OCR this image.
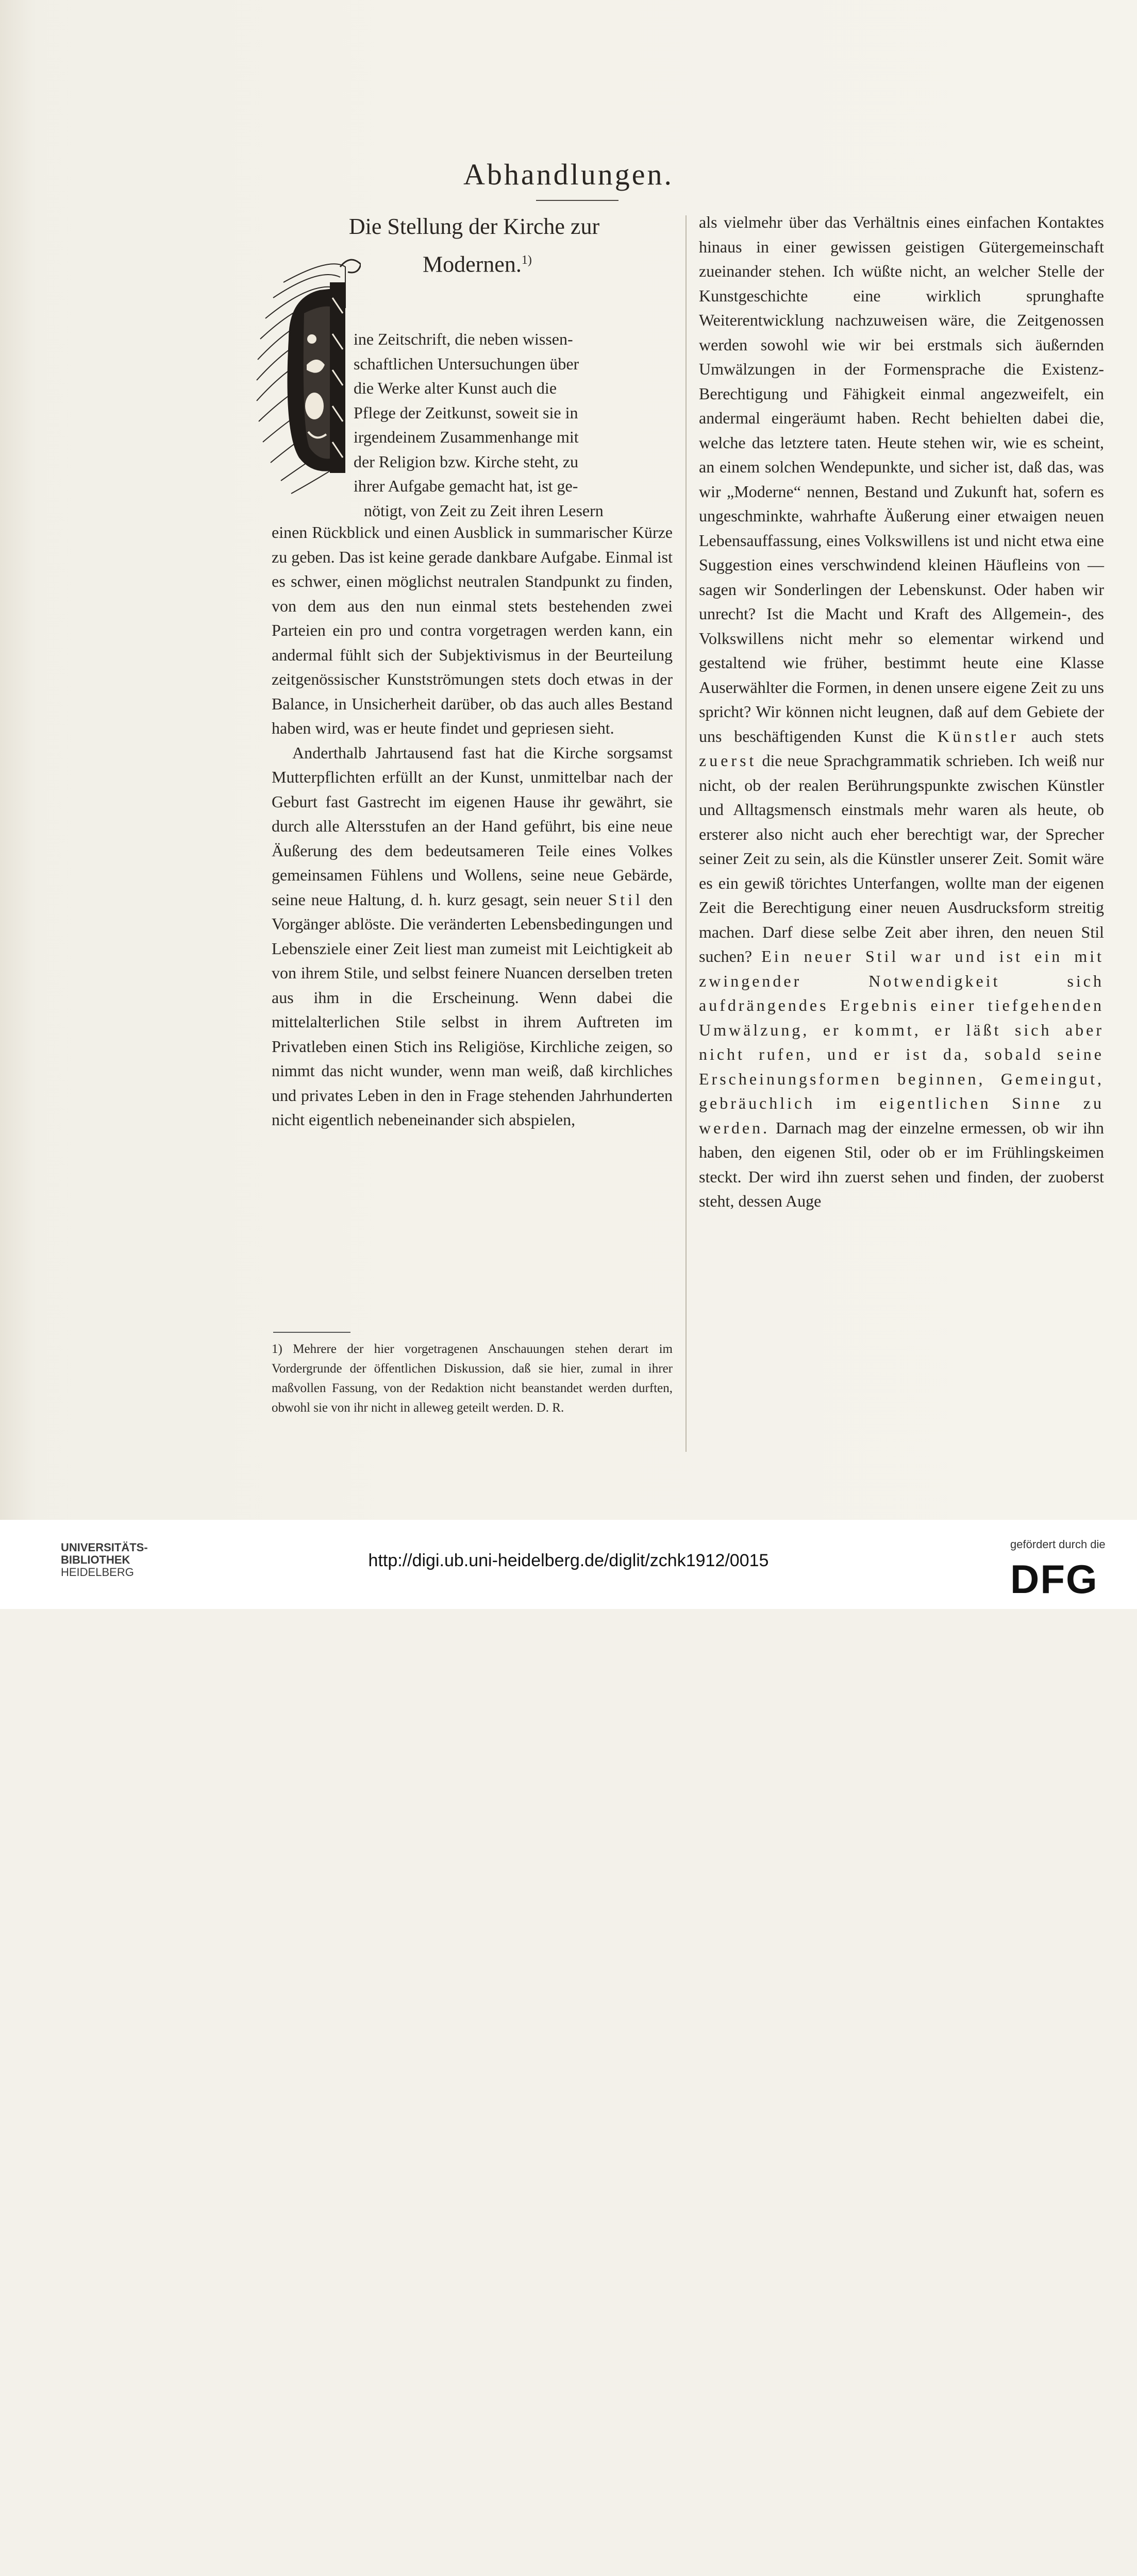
Abhandlungen.
Die Stellung der Kirche zur
Modernen.$^{1)}$

ine Zeitschrift, die neben wissen-

schaftlichen Untersuchungen über

die Werke alter Kunst auch die

Pflege der Zeitkunst, soweit sie in

irgendeinem Zusammenhange mit

der Religion bzw. Kirche steht, zu

ihrer Aufgabe gemacht hat, ist ge-

nötigt, von Zeit zu Zeit ihren Lesern

einen Rückblick und einen Ausblick in summarischer Kürze zu geben. Das ist keine gerade dankbare Aufgabe. Einmal ist es schwer, einen möglichst neutralen Standpunkt zu finden, von dem aus den nun einmal stets bestehenden zwei Parteien ein pro und contra vorgetragen werden kann, ein andermal fühlt sich der Subjektivismus in der Beurteilung zeitgenössischer Kunstströmungen stets doch etwas in der Balance, in Unsicherheit darüber, ob das auch alles Bestand haben wird, was er heute findet und gepriesen sieht.

Anderthalb Jahrtausend fast hat die Kirche sorgsamst Mutterpflichten erfüllt an der Kunst, unmittelbar nach der Geburt fast Gastrecht im eigenen Hause ihr gewährt, sie durch alle Altersstufen an der Hand geführt, bis eine neue Äußerung des dem bedeutsameren Teile eines Volkes gemeinsamen Fühlens und Wollens, seine neue Gebärde, seine neue Haltung, d. h. kurz gesagt, sein neuer Stil den Vorgänger ablöste. Die veränderten Lebensbedingungen und Lebensziele einer Zeit liest man zumeist mit Leichtigkeit ab von ihrem Stile, und selbst feinere Nuancen derselben treten aus ihm in die Erscheinung. Wenn dabei die mittelalterlichen Stile selbst in ihrem Auftreten im Privatleben einen Stich ins Religiöse, Kirchliche zeigen, so nimmt das nicht wunder, wenn man weiß, daß kirchliches und privates Leben in den in Frage stehenden Jahrhunderten nicht eigentlich nebeneinander sich abspielen,

als vielmehr über das Verhältnis eines einfachen Kontaktes hinaus in einer gewissen geistigen Gütergemeinschaft zueinander stehen. Ich wüßte nicht, an welcher Stelle der Kunstgeschichte eine wirklich sprunghafte Weiterentwicklung nachzuweisen wäre, die Zeitgenossen werden sowohl wie wir bei erstmals sich äußernden Umwälzungen in der Formensprache die Existenz-Berechtigung und Fähigkeit einmal angezweifelt, ein andermal eingeräumt haben. Recht behielten dabei die, welche das letztere taten. Heute stehen wir, wie es scheint, an einem solchen Wendepunkte, und sicher ist, daß das, was wir „Moderne“ nennen, Bestand und Zukunft hat, sofern es ungeschminkte, wahrhafte Äußerung einer etwaigen neuen Lebensauffassung, eines Volkswillens ist und nicht etwa eine Suggestion eines verschwindend kleinen Häufleins von — sagen wir Sonderlingen der Lebenskunst. Oder haben wir unrecht? Ist die Macht und Kraft des Allgemein-, des Volkswillens nicht mehr so elementar wirkend und gestaltend wie früher, bestimmt heute eine Klasse Auserwählter die Formen, in denen unsere eigene Zeit zu uns spricht? Wir können nicht leugnen, daß auf dem Gebiete der uns beschäftigenden Kunst die Künstler auch stets zuerst die neue Sprachgrammatik schrieben. Ich weiß nur nicht, ob der realen Berührungspunkte zwischen Künstler und Alltagsmensch einstmals mehr waren als heute, ob ersterer also nicht auch eher berechtigt war, der Sprecher seiner Zeit zu sein, als die Künstler unserer Zeit. Somit wäre es ein gewiß törichtes Unterfangen, wollte man der eigenen Zeit die Berechtigung einer neuen Ausdrucksform streitig machen. Darf diese selbe Zeit aber ihren, den neuen Stil suchen? Ein neuer Stil war und ist ein mit zwingender Notwendigkeit sich aufdrängendes Ergebnis einer tiefgehenden Umwälzung, er kommt, er läßt sich aber nicht rufen, und er ist da, sobald seine Erscheinungsformen beginnen, Gemeingut, gebräuchlich im eigentlichen Sinne zu werden. Darnach mag der einzelne ermessen, ob wir ihn haben, den eigenen Stil, oder ob er im Frühlingskeimen steckt. Der wird ihn zuerst sehen und finden, der zuoberst steht, dessen Auge

1) Mehrere der hier vorgetragenen Anschauungen stehen derart im Vordergrunde der öffentlichen Diskussion, daß sie hier, zumal in ihrer maßvollen Fassung, von der Redaktion nicht beanstandet werden durften, obwohl sie von ihr nicht in alleweg geteilt werden. D. R.
UNIVERSITÄTS-
BIBLIOTHEK
HEIDELBERG
http://digi.ub.uni-heidelberg.de/diglit/zchk1912/0015
gefördert durch die
DFG
